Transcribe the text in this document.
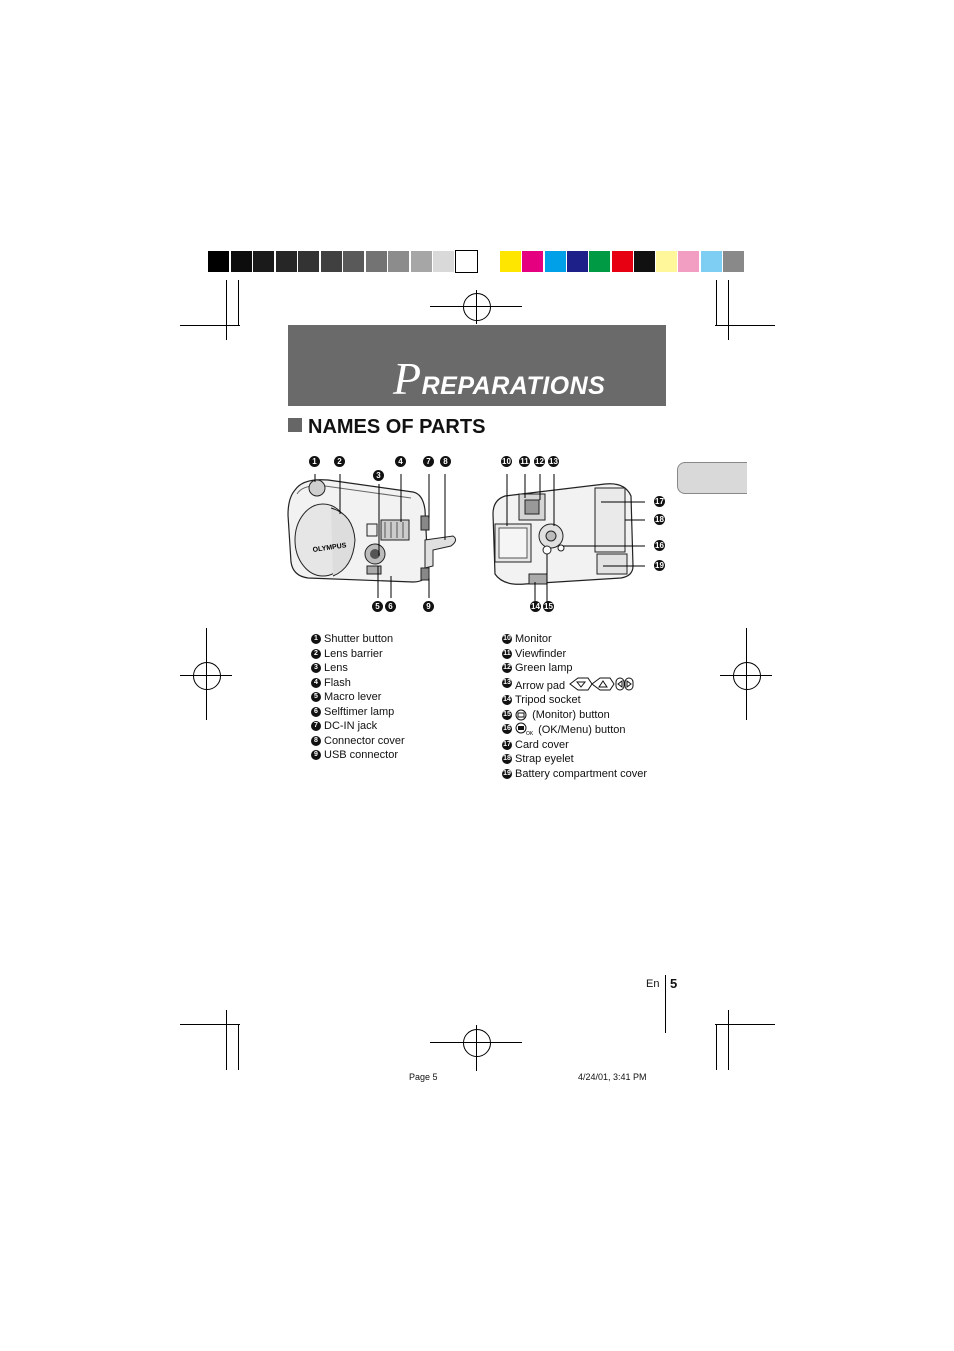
PREPARATIONS
NAMES OF PARTS
OLYMPUS
1	2
3
4	7	8
5	6	9
10 11 12 13
17
18
16
19
14 15
1 Shutter button
2 Lens barrier
3 Lens
4 Flash
5 Macro lever
6 Selftimer lamp
7 DC-IN jack
8 Connector cover
9 USB connector
10 Monitor
11 Viewfinder
12 Green lamp
13 Arrow pad
14 Tripod socket
15 (Monitor) button
16
OK (OK/Menu) button
17 Card cover
18 Strap eyelet
19 Battery compartment cover
En 5
Page 5	4/24/01, 3:41 PM
